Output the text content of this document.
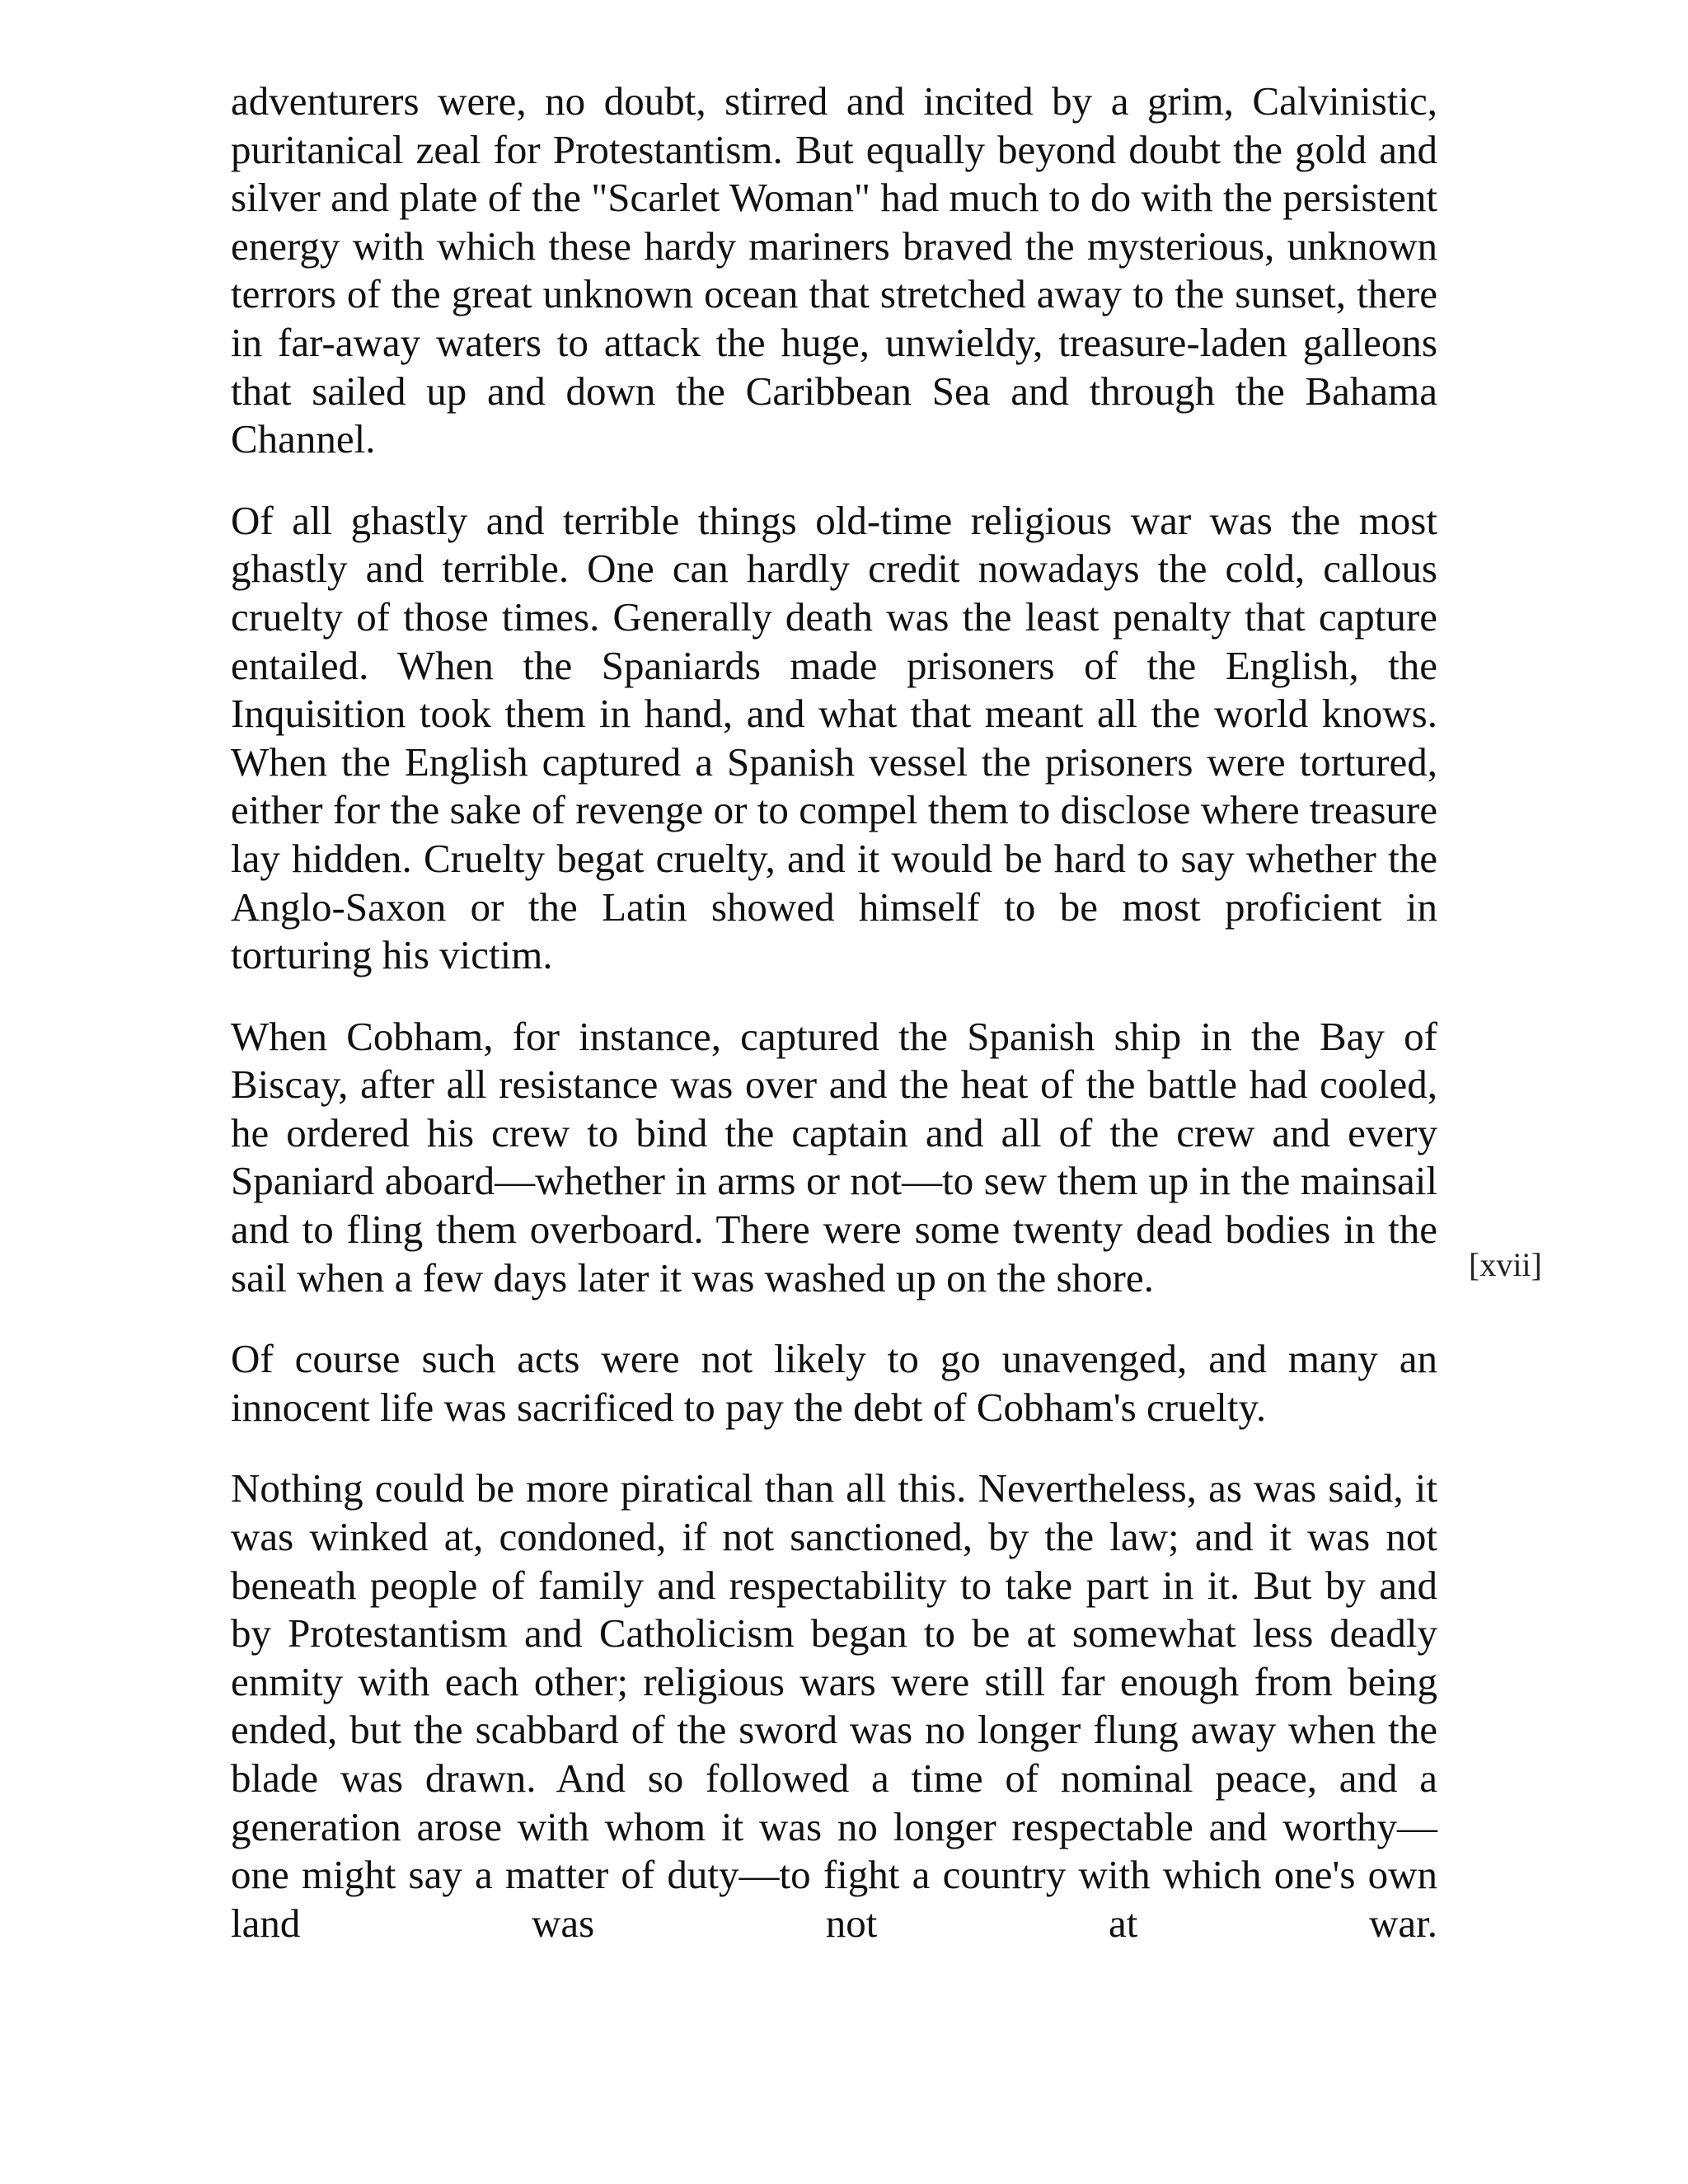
adventurers were, no doubt, stirred and incited by a grim, Calvinistic, puritanical zeal for Protestantism. But equally beyond doubt the gold and silver and plate of the "Scarlet Woman" had much to do with the persistent energy with which these hardy mariners braved the mysterious, unknown terrors of the great unknown ocean that stretched away to the sunset, there in far-away waters to attack the huge, unwieldy, treasure-laden galleons that sailed up and down the Caribbean Sea and through the Bahama Channel.

Of all ghastly and terrible things old-time religious war was the most ghastly and terrible. One can hardly credit nowadays the cold, callous cruelty of those times. Generally death was the least penalty that capture entailed. When the Spaniards made prisoners of the English, the Inquisition took them in hand, and what that meant all the world knows. When the English captured a Spanish vessel the prisoners were tortured, either for the sake of revenge or to compel them to disclose where treasure lay hidden. Cruelty begat cruelty, and it would be hard to say whether the Anglo-Saxon or the Latin showed himself to be most proficient in torturing his victim.

When Cobham, for instance, captured the Spanish ship in the Bay of Biscay, after all resistance was over and the heat of the battle had cooled, he ordered his crew to bind the captain and all of the crew and every Spaniard aboard—whether in arms or not—to sew them up in the mainsail and to fling them overboard. There were some twenty dead bodies in the sail when a few days later it was washed up on the shore.

Of course such acts were not likely to go unavenged, and many an innocent life was sacrificed to pay the debt of Cobham's cruelty.

Nothing could be more piratical than all this. Nevertheless, as was said, it was winked at, condoned, if not sanctioned, by the law; and it was not beneath people of family and respectability to take part in it. But by and by Protestantism and Catholicism began to be at somewhat less deadly enmity with each other; religious wars were still far enough from being ended, but the scabbard of the sword was no longer flung away when the blade was drawn. And so followed a time of nominal peace, and a generation arose with whom it was no longer respectable and worthy—one might say a matter of duty—to fight a country with which one's own land was not at war.

[xvii]
